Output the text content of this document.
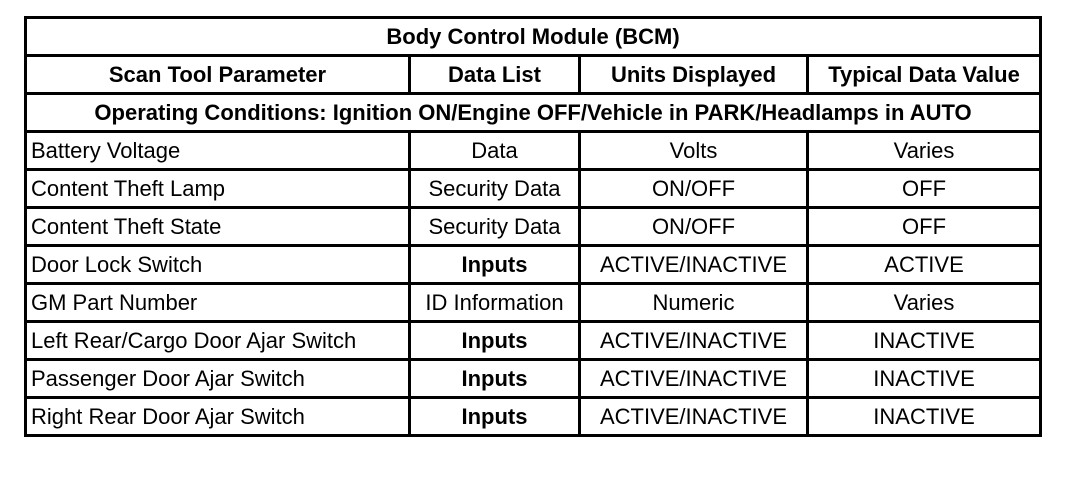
Body Control Module (BCM)			
Scan Tool Parameter	Data List	Units Displayed	Typical Data Value
Operating Conditions: Ignition ON/Engine OFF/Vehicle in PARK/Headlamps in AUTO			
Battery Voltage	Data	Volts	Varies
Content Theft Lamp	Security Data	ON/OFF	OFF
Content Theft State	Security Data	ON/OFF	OFF
Door Lock Switch	Inputs	ACTIVE/INACTIVE	ACTIVE
GM Part Number	ID Information	Numeric	Varies
Left Rear/Cargo Door Ajar Switch	Inputs	ACTIVE/INACTIVE	INACTIVE
Passenger Door Ajar Switch	Inputs	ACTIVE/INACTIVE	INACTIVE
Right Rear Door Ajar Switch	Inputs	ACTIVE/INACTIVE	INACTIVE
